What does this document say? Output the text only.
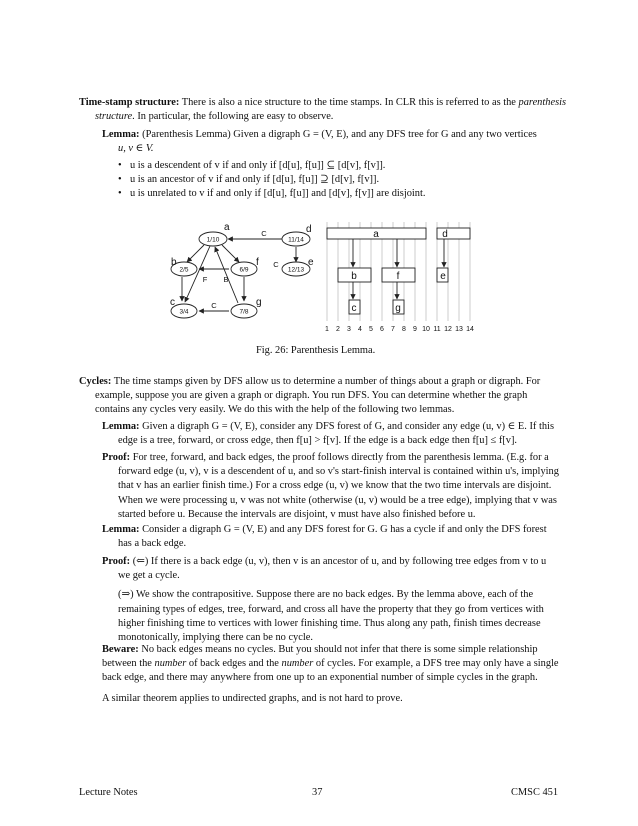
Time-stamp structure: There is also a nice structure to the time stamps. In CLR this is referred to as the parenthesis
structure. In particular, the following are easy to observe.
Lemma: (Parenthesis Lemma) Given a digraph G = (V, E), and any DFS tree for G and any two vertices
u, v ∈ V.
• u is a descendent of v if and only if [d[u], f[u]] ⊆ [d[v], f[v]].
• u is an ancestor of v if and only if [d[u], f[u]] ⊇ [d[v], f[v]].
• u is unrelated to v if and only if [d[u], f[u]] and [d[v], f[v]] are disjoint.
1/10
2/5
3/4
6/9
7/8
11/14
12/13
a
b
c
f
g
d
e
C
C
F B
C
a	d
b	f	e
c	g
1 2 3 4 5 6 7 8 9 10 11 12 13 14
Fig. 26: Parenthesis Lemma.
Cycles: The time stamps given by DFS allow us to determine a number of things about a graph or digraph. For
example, suppose you are given a graph or digraph. You run DFS. You can determine whether the graph
contains any cycles very easily. We do this with the help of the following two lemmas.
Lemma: Given a digraph G = (V, E), consider any DFS forest of G, and consider any edge (u, v) ∈ E. If this
edge is a tree, forward, or cross edge, then f[u] > f[v]. If the edge is a back edge then f[u] ≤ f[v].
Proof: For tree, forward, and back edges, the proof follows directly from the parenthesis lemma. (E.g. for a
forward edge (u, v), v is a descendent of u, and so v's start-finish interval is contained within u's, implying
that v has an earlier finish time.) For a cross edge (u, v) we know that the two time intervals are disjoint.
When we were processing u, v was not white (otherwise (u, v) would be a tree edge), implying that v was
started before u. Because the intervals are disjoint, v must have also finished before u.
Lemma: Consider a digraph G = (V, E) and any DFS forest for G. G has a cycle if and only the DFS forest
has a back edge.
Proof: (⇐) If there is a back edge (u, v), then v is an ancestor of u, and by following tree edges from v to u
we get a cycle.
(⇒) We show the contrapositive. Suppose there are no back edges. By the lemma above, each of the
remaining types of edges, tree, forward, and cross all have the property that they go from vertices with
higher finishing time to vertices with lower finishing time. Thus along any path, finish times decrease
monotonically, implying there can be no cycle.
Beware: No back edges means no cycles. But you should not infer that there is some simple relationship
between the number of back edges and the number of cycles. For example, a DFS tree may only have a single
back edge, and there may anywhere from one up to an exponential number of simple cycles in the graph.
A similar theorem applies to undirected graphs, and is not hard to prove.
Lecture Notes	37	CMSC 451
